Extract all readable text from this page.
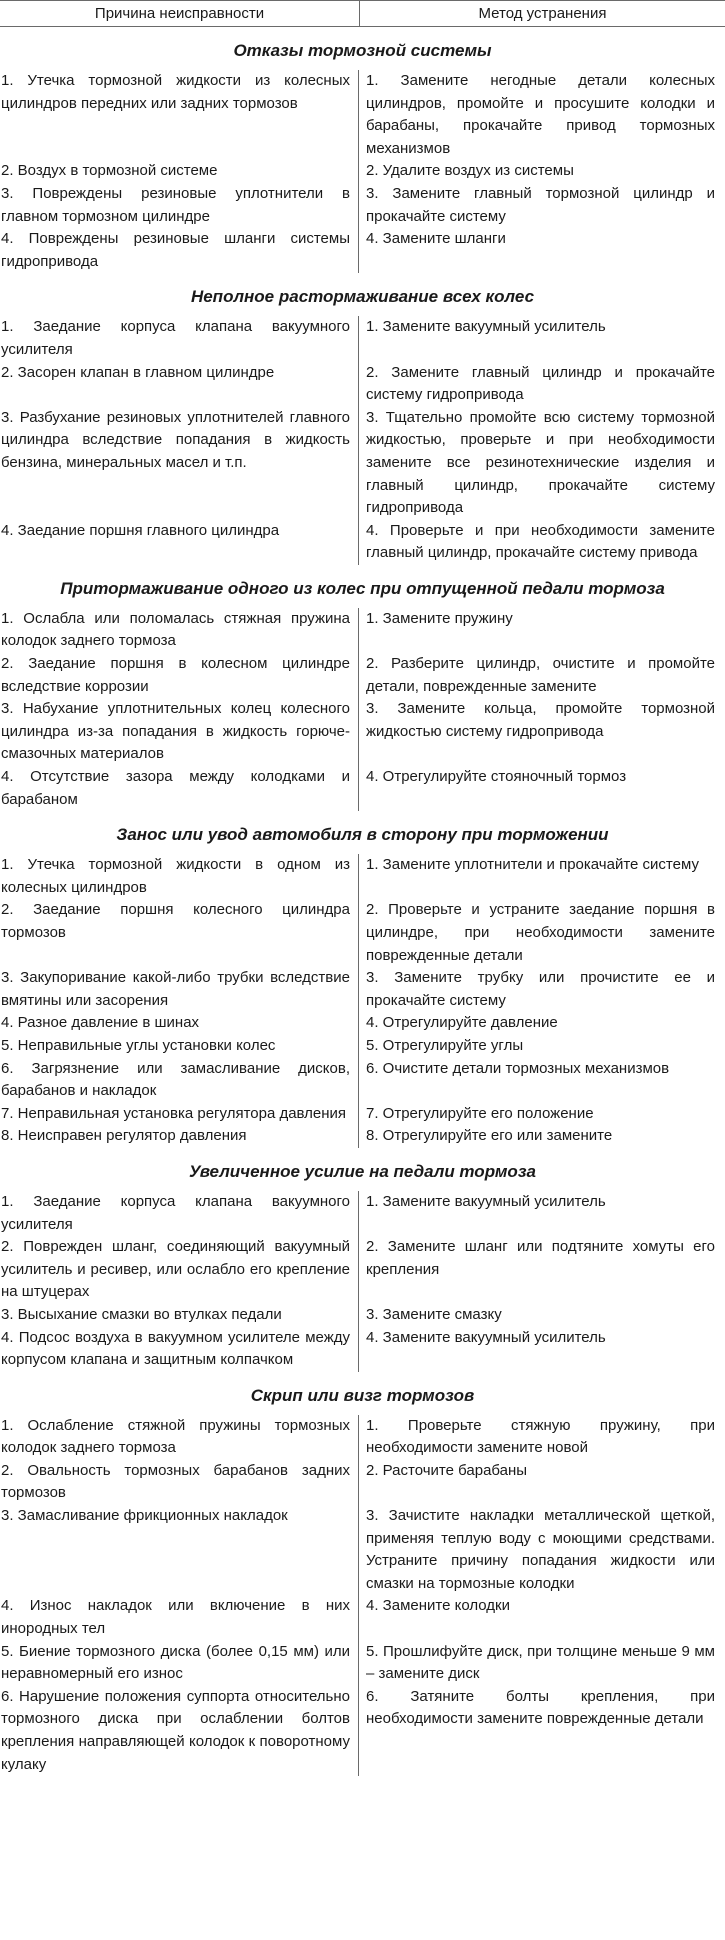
Причина неисправности	Метод устранения
Отказы тормозной системы
1. Утечка тормозной жидкости из колесных цилиндров передних или задних тормозов
1. Замените негодные детали колесных цилиндров, промойте и просушите колодки и барабаны, прокачайте привод тормозных механизмов
2. Воздух в тормозной системе	2. Удалите воздух из системы
3. Повреждены резиновые уплотнители в главном тормозном цилиндре
3. Замените главный тормозной цилиндр и прокачайте систему
4. Повреждены резиновые шланги системы гидропривода
4. Замените шланги
Неполное растормаживание всех колес
1. Заедание корпуса клапана вакуумного усилителя
1. Замените вакуумный усилитель
2. Засорен клапан в главном цилиндре	2. Замените главный цилиндр и прокачайте систему гидропривода
3. Разбухание резиновых уплотнителей главного цилиндра вследствие попадания в жидкость бензина, минеральных масел и т.п.
3. Тщательно промойте всю систему тормозной жидкостью, проверьте и при необходимости замените все резинотехнические изделия и главный цилиндр, прокачайте систему гидропривода
4. Заедание поршня главного цилиндра	4. Проверьте и при необходимости замените главный цилиндр, прокачайте систему привода
Притормаживание одного из колес при отпущенной педали тормоза
1. Ослабла или поломалась стяжная пружина колодок заднего тормоза
1. Замените пружину
2. Заедание поршня в колесном цилиндре вследствие коррозии
2. Разберите цилиндр, очистите и промойте детали, поврежденные замените
3. Набухание уплотнительных колец колесного цилиндра из-за попадания в жидкость горюче-смазочных материалов
3. Замените кольца, промойте тормозной жидкостью систему гидропривода
4. Отсутствие зазора между колодками и барабаном
4. Отрегулируйте стояночный тормоз
Занос или увод автомобиля в сторону при торможении
1. Утечка тормозной жидкости в одном из колесных цилиндров
1. Замените уплотнители и прокачайте систему
2. Заедание поршня колесного цилиндра тормозов
2. Проверьте и устраните заедание поршня в цилиндре, при необходимости замените поврежденные детали
3. Закупоривание какой-либо трубки вследствие вмятины или засорения
3. Замените трубку или прочистите ее и прокачайте систему
4. Разное давление в шинах	4. Отрегулируйте давление
5. Неправильные углы установки колес	5. Отрегулируйте углы
6. Загрязнение или замасливание дисков, барабанов и накладок
6. Очистите детали тормозных механизмов
7. Неправильная установка регулятора давления	7. Отрегулируйте его положение
8. Неисправен регулятор давления	8. Отрегулируйте его или замените
Увеличенное усилие на педали тормоза
1. Заедание корпуса клапана вакуумного усилителя
1. Замените вакуумный усилитель
2. Поврежден шланг, соединяющий вакуумный усилитель и ресивер, или ослабло его крепление на штуцерах
2. Замените шланг или подтяните хомуты его крепления
3. Высыхание смазки во втулках педали	3. Замените смазку
4. Подсос воздуха в вакуумном усилителе между корпусом клапана и защитным колпачком
4. Замените вакуумный усилитель
Скрип или визг тормозов
1. Ослабление стяжной пружины тормозных колодок заднего тормоза
1. Проверьте стяжную пружину, при необходимости замените новой
2. Овальность тормозных барабанов задних тормозов
2. Расточите барабаны
3. Замасливание фрикционных накладок	3. Зачистите накладки металлической щеткой, применяя теплую воду с моющими средствами. Устраните причину попадания жидкости или смазки на тормозные колодки
4. Износ накладок или включение в них инородных тел
4. Замените колодки
5. Биение тормозного диска (более 0,15 мм) или неравномерный его износ
5. Прошлифуйте диск, при толщине меньше 9 мм – замените диск
6. Нарушение положения суппорта относительно тормозного диска при ослаблении болтов крепления направляющей колодок к поворотному кулаку
6. Затяните болты крепления, при необходимости замените поврежденные детали
